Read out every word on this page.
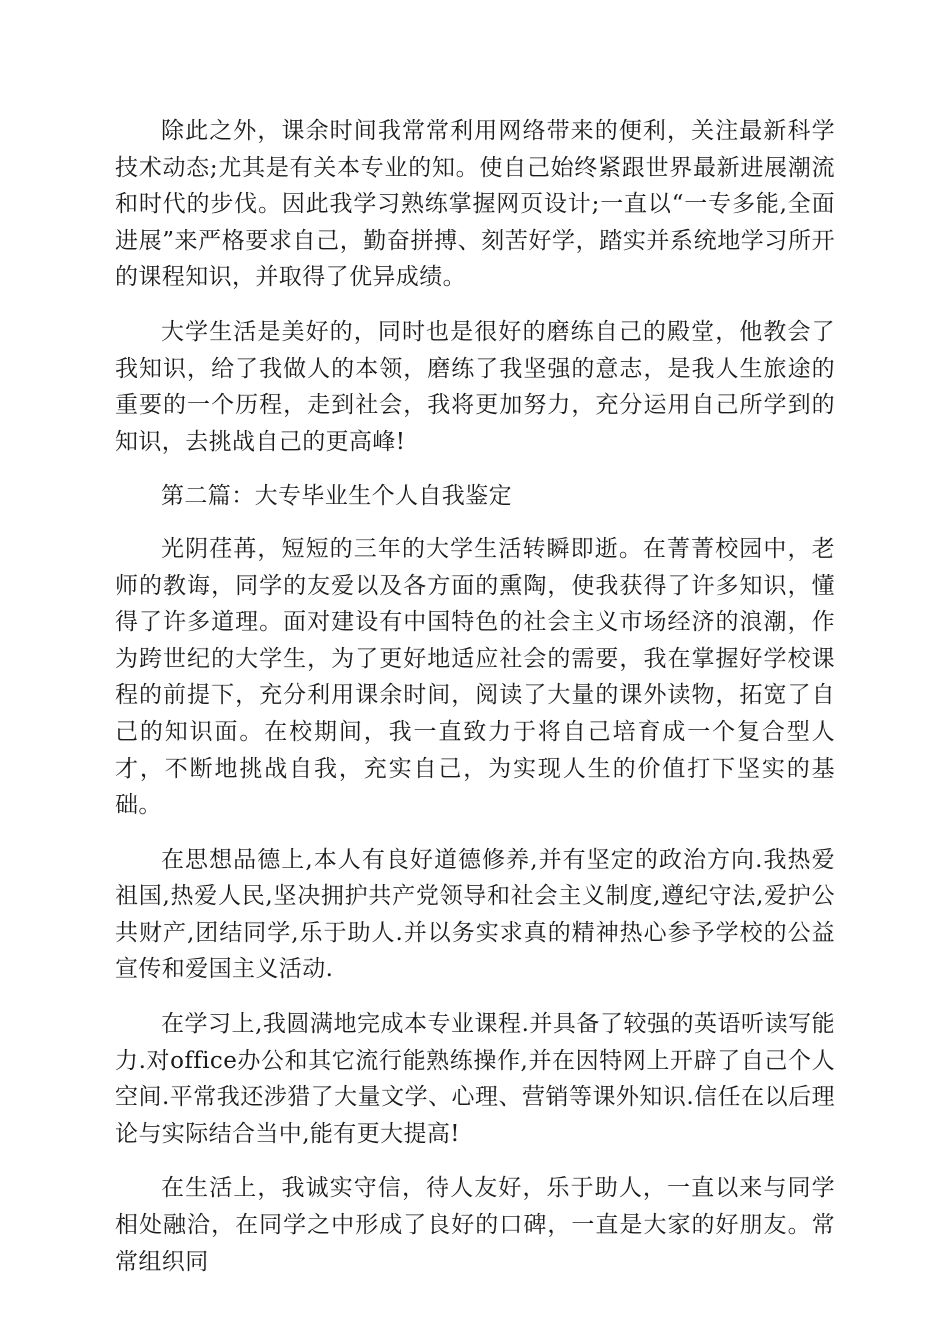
除此之外，课余时间我常常利用网络带来的便利，关注最新科学技术动态;尤其是有关本专业的知。使自己始终紧跟世界最新进展潮流和时代的步伐。因此我学习熟练掌握网页设计;一直以“一专多能,全面进展”来严格要求自己，勤奋拼搏、刻苦好学，踏实并系统地学习所开的课程知识，并取得了优异成绩。

大学生活是美好的，同时也是很好的磨练自己的殿堂，他教会了我知识，给了我做人的本领，磨练了我坚强的意志，是我人生旅途的重要的一个历程，走到社会，我将更加努力，充分运用自己所学到的知识，去挑战自己的更高峰!

第二篇：大专毕业生个人自我鉴定

光阴荏苒，短短的三年的大学生活转瞬即逝。在菁菁校园中，老师的教诲，同学的友爱以及各方面的熏陶，使我获得了许多知识，懂得了许多道理。面对建设有中国特色的社会主义市场经济的浪潮，作为跨世纪的大学生，为了更好地适应社会的需要，我在掌握好学校课程的前提下，充分利用课余时间，阅读了大量的课外读物，拓宽了自己的知识面。在校期间，我一直致力于将自己培育成一个复合型人才，不断地挑战自我，充实自己，为实现人生的价值打下坚实的基础。

在思想品德上,本人有良好道德修养,并有坚定的政治方向.我热爱祖国,热爱人民,坚决拥护共产党领导和社会主义制度,遵纪守法,爱护公共财产,团结同学,乐于助人.并以务实求真的精神热心参予学校的公益宣传和爱国主义活动.

在学习上,我圆满地完成本专业课程.并具备了较强的英语听读写能力.对office办公和其它流行能熟练操作,并在因特网上开辟了自己个人空间.平常我还涉猎了大量文学、心理、营销等课外知识.信任在以后理论与实际结合当中,能有更大提高!

在生活上，我诚实守信，待人友好，乐于助人，一直以来与同学相处融洽，在同学之中形成了良好的口碑，一直是大家的好朋友。常常组织同
